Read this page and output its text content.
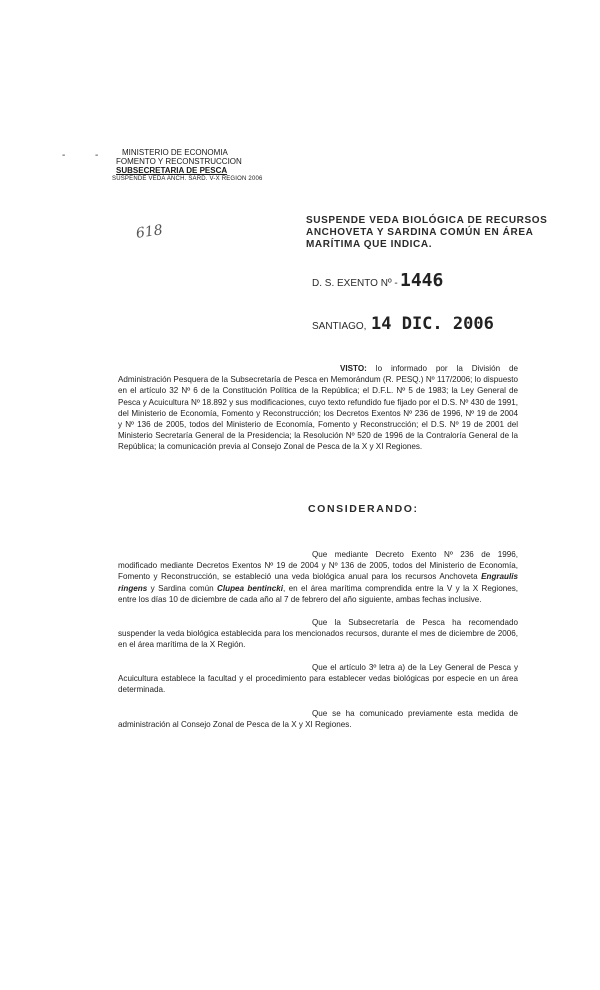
-	-	MINISTERIO DE ECONOMIA
FOMENTO Y RECONSTRUCCION
SUBSECRETARIA DE PESCA
SUSPENDE VEDA ANCH. SARD. V-X REGION 2006
618
SUSPENDE VEDA BIOLÓGICA DE RECURSOS
ANCHOVETA Y SARDINA COMÚN EN ÁREA
MARÍTIMA QUE INDICA.
D. S. EXENTO Nº - 1446
SANTIAGO, 14 DIC. 2006

VISTO: lo informado por la División de Administración Pesquera de la Subsecretaría de Pesca en Memorándum (R. PESQ.) Nº 117/2006; lo dispuesto en el artículo 32 Nº 6 de la Constitución Política de la República; el D.F.L. Nº 5 de 1983; la Ley General de Pesca y Acuicultura Nº 18.892 y sus modificaciones, cuyo texto refundido fue fijado por el D.S. Nº 430 de 1991, del Ministerio de Economía, Fomento y Reconstrucción; los Decretos Exentos Nº 236 de 1996, Nº 19 de 2004 y Nº 136 de 2005, todos del Ministerio de Economía, Fomento y Reconstrucción; el D.S. Nº 19 de 2001 del Ministerio Secretaría General de la Presidencia; la Resolución Nº 520 de 1996 de la Contraloría General de la República; la comunicación previa al Consejo Zonal de Pesca de la X y XI Regiones.

CONSIDERANDO:

Que mediante Decreto Exento Nº 236 de 1996, modificado mediante Decretos Exentos Nº 19 de 2004 y Nº 136 de 2005, todos del Ministerio de Economía, Fomento y Reconstrucción, se estableció una veda biológica anual para los recursos Anchoveta Engraulis ringens y Sardina común Clupea bentincki, en el área marítima comprendida entre la V y la X Regiones, entre los días 10 de diciembre de cada año al 7 de febrero del año siguiente, ambas fechas inclusive.

Que la Subsecretaría de Pesca ha recomendado suspender la veda biológica establecida para los mencionados recursos, durante el mes de diciembre de 2006, en el área marítima de la X Región.

Que el artículo 3º letra a) de la Ley General de Pesca y Acuicultura establece la facultad y el procedimiento para establecer vedas biológicas por especie en un área determinada.

Que se ha comunicado previamente esta medida de administración al Consejo Zonal de Pesca de la X y XI Regiones.
